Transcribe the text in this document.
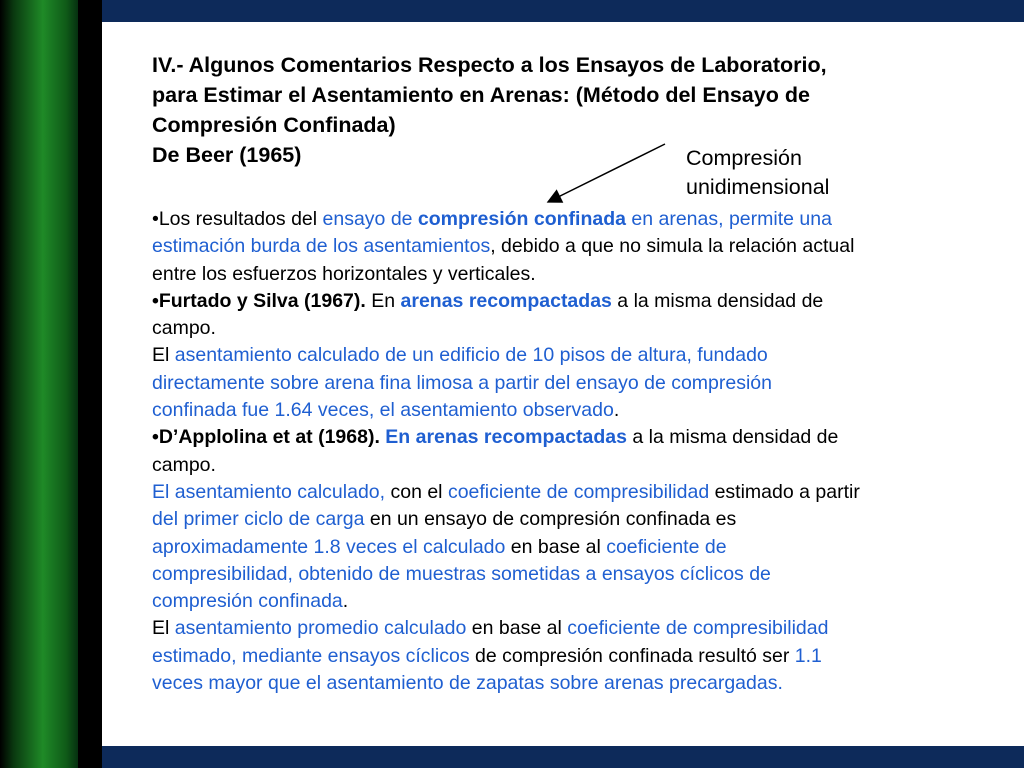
IV.- Algunos Comentarios Respecto a los Ensayos de Laboratorio,
para Estimar el Asentamiento en Arenas: (Método del Ensayo de
Compresión Confinada)
De Beer (1965)	Compresión
unidimensional
•Los resultados del ensayo de compresión confinada en arenas, permite una
estimación burda de los asentamientos, debido a que no simula la relación actual
entre los esfuerzos horizontales y verticales.
•Furtado y Silva (1967). En arenas recompactadas a la misma densidad de
campo.
El asentamiento calculado de un edificio de 10 pisos de altura, fundado
directamente sobre arena fina limosa a partir del ensayo de compresión
confinada fue 1.64 veces, el asentamiento observado.
•D’Applolina et at (1968). En arenas recompactadas a la misma densidad de
campo.
El asentamiento calculado, con el coeficiente de compresibilidad estimado a partir
del primer ciclo de carga en un ensayo de compresión confinada es
aproximadamente 1.8 veces el calculado en base al coeficiente de
compresibilidad, obtenido de muestras sometidas a ensayos cíclicos de
compresión confinada.
El asentamiento promedio calculado en base al coeficiente de compresibilidad
estimado, mediante ensayos cíclicos de compresión confinada resultó ser 1.1
veces mayor que el asentamiento de zapatas sobre arenas precargadas.
